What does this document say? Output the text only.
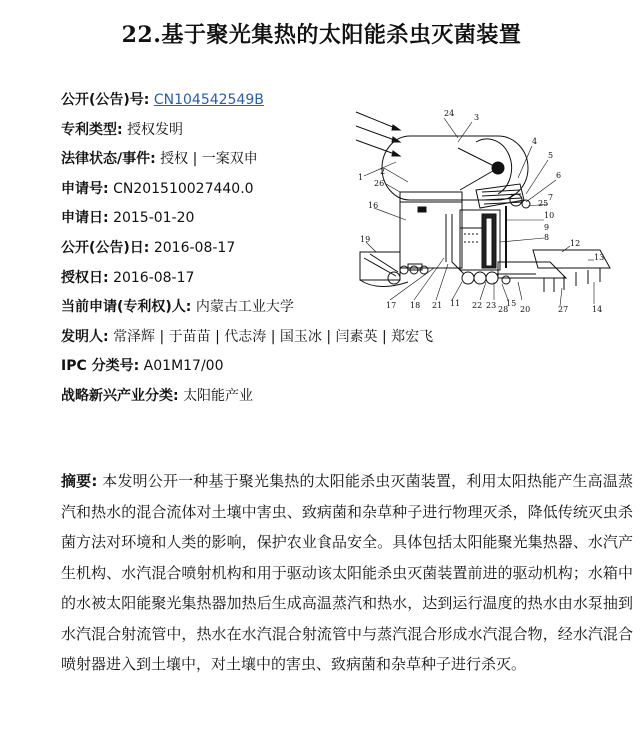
22.基于聚光集热的太阳能杀虫灭菌装置
公开(公告)号: CN104542549B
专利类型: 授权发明
法律状态/事件: 授权 | 一案双申
申请号: CN201510027440.0
申请日: 2015-01-20
公开(公告)日: 2016-08-17
授权日: 2016-08-17
当前申请(专利权)人: 内蒙古工业大学
发明人: 常泽辉 | 于苗苗 | 代志涛 | 国玉冰 | 闫素英 | 郑宏飞
IPC 分类号: A01M17/00
战略新兴产业分类: 太阳能产业
1
2
3
4
5
6
7
8
9
10
11
12
13
14
15
16
17 18
19
20
21	22 23
24
25
26
27
28
摘要: 本发明公开一种基于聚光集热的太阳能杀虫灭菌装置，利用太阳热能产生高温蒸汽和热水的混合流体对土壤中害虫、致病菌和杂草种子进行物理灭杀，降低传统灭虫杀菌方法对环境和人类的影响，保护农业食品安全。具体包括太阳能聚光集热器、水汽产生机构、水汽混合喷射机构和用于驱动该太阳能杀虫灭菌装置前进的驱动机构；水箱中的水被太阳能聚光集热器加热后生成高温蒸汽和热水，达到运行温度的热水由水泵抽到水汽混合射流管中，热水在水汽混合射流管中与蒸汽混合形成水汽混合物，经水汽混合喷射器进入到土壤中，对土壤中的害虫、致病菌和杂草种子进行杀灭。
